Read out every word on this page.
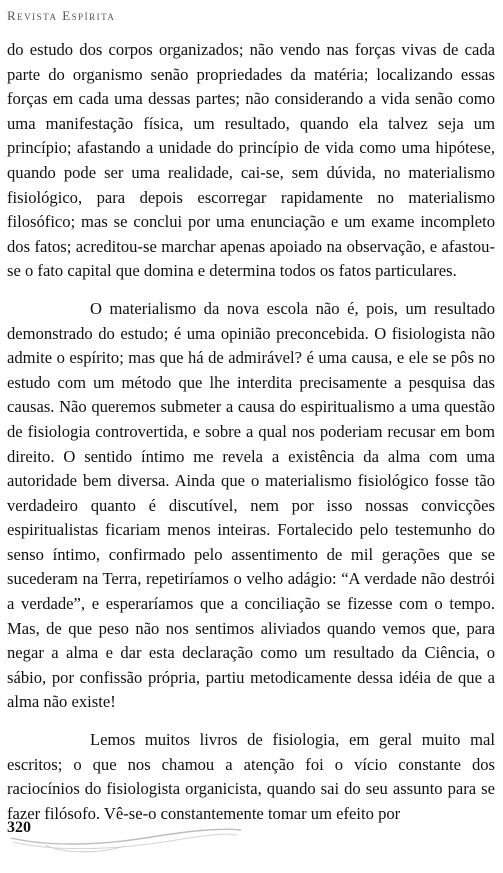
Revista Espírita

do estudo dos corpos organizados; não vendo nas forças vivas de cada parte do organismo senão propriedades da matéria; localizando essas forças em cada uma dessas partes; não considerando a vida senão como uma manifestação física, um resultado, quando ela talvez seja um princípio; afastando a unidade do princípio de vida como uma hipótese, quando pode ser uma realidade, cai-se, sem dúvida, no materialismo fisiológico, para depois escorregar rapidamente no materialismo filosófico; mas se conclui por uma enunciação e um exame incompleto dos fatos; acreditou-se marchar apenas apoiado na observação, e afastou-se o fato capital que domina e determina todos os fatos particulares.

O materialismo da nova escola não é, pois, um resultado demonstrado do estudo; é uma opinião preconcebida. O fisiologista não admite o espírito; mas que há de admirável? é uma causa, e ele se pôs no estudo com um método que lhe interdita precisamente a pesquisa das causas. Não queremos submeter a causa do espiritualismo a uma questão de fisiologia controvertida, e sobre a qual nos poderiam recusar em bom direito. O sentido íntimo me revela a existência da alma com uma autoridade bem diversa. Ainda que o materialismo fisiológico fosse tão verdadeiro quanto é discutível, nem por isso nossas convicções espiritualistas ficariam menos inteiras. Fortalecido pelo testemunho do senso íntimo, confirmado pelo assentimento de mil gerações que se sucederam na Terra, repetiríamos o velho adágio: “A verdade não destrói a verdade”, e esperaríamos que a conciliação se fizesse com o tempo. Mas, de que peso não nos sentimos aliviados quando vemos que, para negar a alma e dar esta declaração como um resultado da Ciência, o sábio, por confissão própria, partiu metodicamente dessa idéia de que a alma não existe!

Lemos muitos livros de fisiologia, em geral muito mal escritos; o que nos chamou a atenção foi o vício constante dos raciocínios do fisiologista organicista, quando sai do seu assunto para se fazer filósofo. Vê-se-o constantemente tomar um efeito por

320
